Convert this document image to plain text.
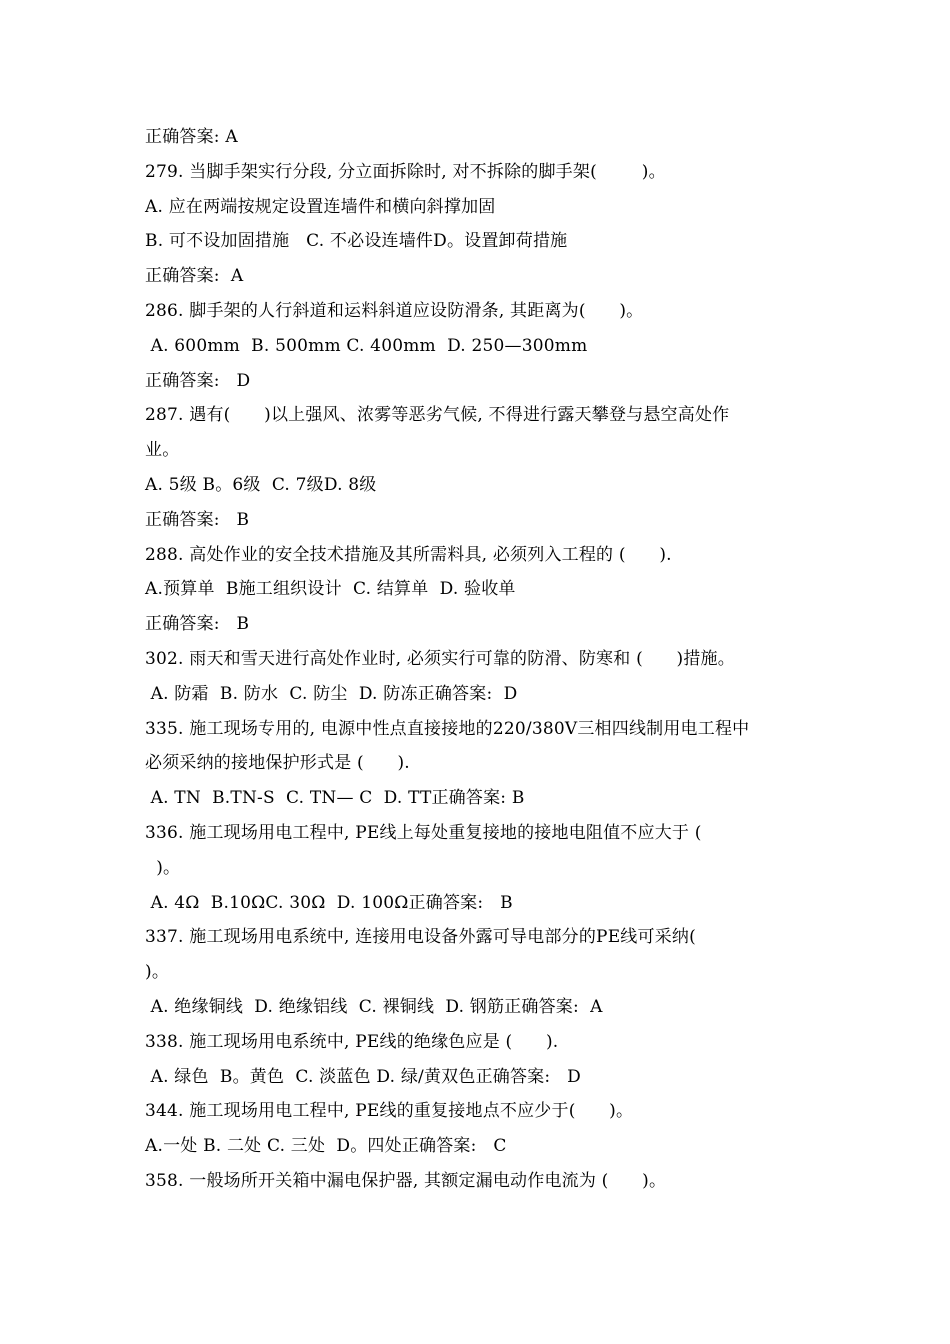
正确答案: A
279. 当脚手架实行分段, 分立面拆除时, 对不拆除的脚手架(        )。
A. 应在两端按规定设置连墙件和横向斜撑加固
B. 可不设加固措施   C. 不必设连墙件D。设置卸荷措施
正确答案:  A
286. 脚手架的人行斜道和运料斜道应设防滑条, 其距离为(      )。
A. 600mm  B. 500mm C. 400mm  D. 250—300mm
正确答案:   D
287. 遇有(      )以上强风、浓雾等恶劣气候, 不得进行露天攀登与悬空高处作
业。
A. 5级 B。6级  C. 7级D. 8级
正确答案:   B
288. 高处作业的安全技术措施及其所需料具, 必须列入工程的 (      ).
A.预算单  B施工组织设计  C. 结算单  D. 验收单
正确答案:   B
302. 雨天和雪天进行高处作业时, 必须实行可靠的防滑、防寒和 (      )措施。
A. 防霜  B. 防水  C. 防尘  D. 防冻正确答案:  D
335. 施工现场专用的, 电源中性点直接接地的220/380V三相四线制用电工程中
必须采纳的接地保护形式是 (      ).
A. TN  B.TN-S  C. TN— C  D. TT正确答案: B
336. 施工现场用电工程中, PE线上每处重复接地的接地电阻值不应大于 (
)。
A. 4Ω  B.10ΩC. 30Ω  D. 100Ω正确答案:   B
337. 施工现场用电系统中, 连接用电设备外露可导电部分的PE线可采纳(
)。
A. 绝缘铜线  D. 绝缘铝线  C. 裸铜线  D. 钢筋正确答案:  A
338. 施工现场用电系统中, PE线的绝缘色应是 (      ).
A. 绿色  B。黄色  C. 淡蓝色 D. 绿/黄双色正确答案:   D
344. 施工现场用电工程中, PE线的重复接地点不应少于(      )。
A.一处 B. 二处 C. 三处  D。四处正确答案:   C
358. 一般场所开关箱中漏电保护器, 其额定漏电动作电流为 (      )。
